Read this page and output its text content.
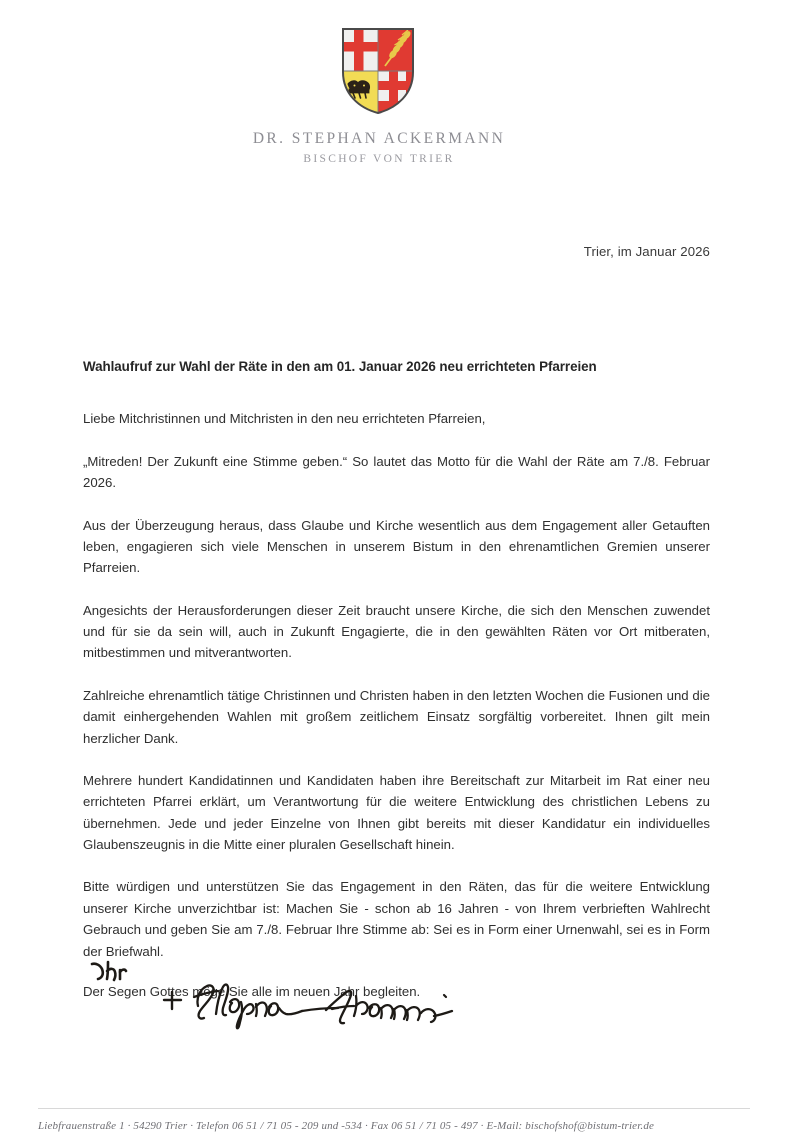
DR. STEPHAN ACKERMANN
BISCHOF VON TRIER
Trier, im Januar 2026
Wahlaufruf zur Wahl der Räte in den am 01. Januar 2026 neu errichteten Pfarreien
Liebe Mitchristinnen und Mitchristen in den neu errichteten Pfarreien,

„Mitreden! Der Zukunft eine Stimme geben.“ So lautet das Motto für die Wahl der Räte am 7./8. Februar 2026.

Aus der Überzeugung heraus, dass Glaube und Kirche wesentlich aus dem Engagement aller Getauften leben, engagieren sich viele Menschen in unserem Bistum in den ehrenamtlichen Gremien unserer Pfarreien.

Angesichts der Herausforderungen dieser Zeit braucht unsere Kirche, die sich den Menschen zuwendet und für sie da sein will, auch in Zukunft Engagierte, die in den gewählten Räten vor Ort mitberaten, mitbestimmen und mitverantworten.

Zahlreiche ehrenamtlich tätige Christinnen und Christen haben in den letzten Wochen die Fusionen und die damit einhergehenden Wahlen mit großem zeitlichem Einsatz sorgfältig vorbereitet. Ihnen gilt mein herzlicher Dank.

Mehrere hundert Kandidatinnen und Kandidaten haben ihre Bereitschaft zur Mitarbeit im Rat einer neu errichteten Pfarrei erklärt, um Verantwortung für die weitere Entwicklung des christlichen Lebens zu übernehmen. Jede und jeder Einzelne von Ihnen gibt bereits mit dieser Kandidatur ein individuelles Glaubenszeugnis in die Mitte einer pluralen Gesellschaft hinein.

Bitte würdigen und unterstützen Sie das Engagement in den Räten, das für die weitere Entwicklung unserer Kirche unverzichtbar ist: Machen Sie - schon ab 16 Jahren - von Ihrem verbrieften Wahlrecht Gebrauch und geben Sie am 7./8. Februar Ihre Stimme ab: Sei es in Form einer Urnenwahl, sei es in Form der Briefwahl.

Der Segen Gottes möge Sie alle im neuen Jahr begleiten.

Liebfrauenstraße 1 · 54290 Trier · Telefon 06 51 / 71 05 - 209 und -534 · Fax 06 51 / 71 05 - 497 · E-Mail: bischofshof@bistum-trier.de
